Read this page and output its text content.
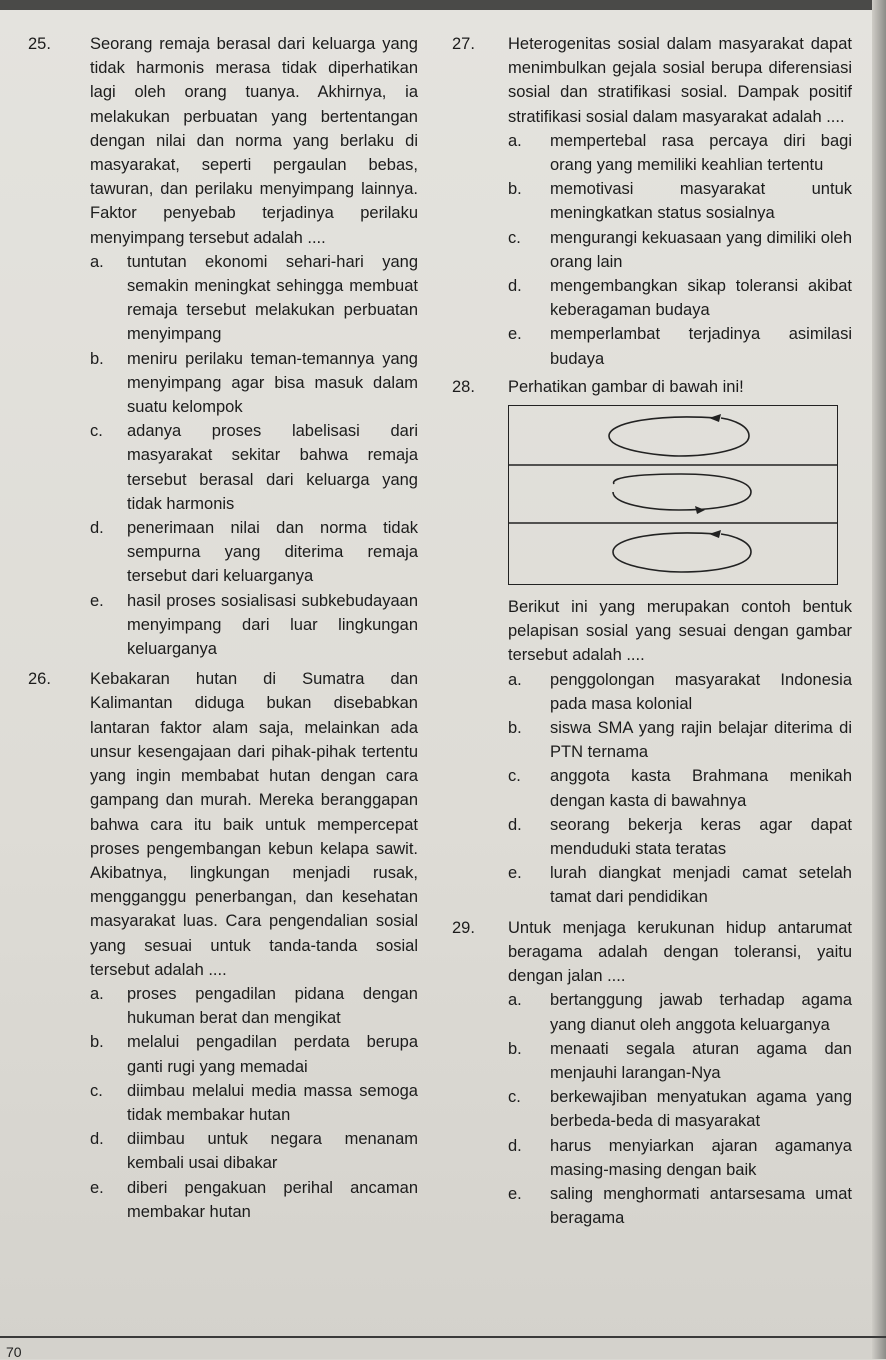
25. Seorang remaja berasal dari keluarga yang tidak harmonis merasa tidak diperhatikan lagi oleh orang tuanya. Akhirnya, ia melakukan perbuatan yang bertentangan dengan nilai dan norma yang berlaku di masyarakat, seperti pergaulan bebas, tawuran, dan perilaku menyimpang lainnya. Faktor penyebab terjadinya perilaku menyimpang tersebut adalah ....
a. tuntutan ekonomi sehari-hari yang semakin meningkat sehingga membuat remaja tersebut melakukan perbuatan menyimpang
b. meniru perilaku teman-temannya yang menyimpang agar bisa masuk dalam suatu kelompok
c. adanya proses labelisasi dari masyarakat sekitar bahwa remaja tersebut berasal dari keluarga yang tidak harmonis
d. penerimaan nilai dan norma tidak sempurna yang diterima remaja tersebut dari keluarganya
e. hasil proses sosialisasi subkebudayaan menyimpang dari luar lingkungan keluarganya
26. Kebakaran hutan di Sumatra dan Kalimantan diduga bukan disebabkan lantaran faktor alam saja, melainkan ada unsur kesengajaan dari pihak-pihak tertentu yang ingin membabat hutan dengan cara gampang dan murah. Mereka beranggapan bahwa cara itu baik untuk mempercepat proses pengembangan kebun kelapa sawit. Akibatnya, lingkungan menjadi rusak, mengganggu penerbangan, dan kesehatan masyarakat luas. Cara pengendalian sosial yang sesuai untuk tanda-tanda sosial tersebut adalah ....
a. proses pengadilan pidana dengan hukuman berat dan mengikat
b. melalui pengadilan perdata berupa ganti rugi yang memadai
c. diimbau melalui media massa semoga tidak membakar hutan
d. diimbau untuk negara menanam kembali usai dibakar
e. diberi pengakuan perihal ancaman membakar hutan
27. Heterogenitas sosial dalam masyarakat dapat menimbulkan gejala sosial berupa diferensiasi sosial dan stratifikasi sosial. Dampak positif stratifikasi sosial dalam masyarakat adalah ....
a. mempertebal rasa percaya diri bagi orang yang memiliki keahlian tertentu
b. memotivasi masyarakat untuk meningkatkan status sosialnya
c. mengurangi kekuasaan yang dimiliki oleh orang lain
d. mengembangkan sikap toleransi akibat keberagaman budaya
e. memperlambat terjadinya asimilasi budaya
28. Perhatikan gambar di bawah ini!
Berikut ini yang merupakan contoh bentuk pelapisan sosial yang sesuai dengan gambar tersebut adalah ....
a. penggolongan masyarakat Indonesia pada masa kolonial
b. siswa SMA yang rajin belajar diterima di PTN ternama
c. anggota kasta Brahmana menikah dengan kasta di bawahnya
d. seorang bekerja keras agar dapat menduduki stata teratas
e. lurah diangkat menjadi camat setelah tamat dari pendidikan
29. Untuk menjaga kerukunan hidup antarumat beragama adalah dengan toleransi, yaitu dengan jalan ....
a. bertanggung jawab terhadap agama yang dianut oleh anggota keluarganya
b. menaati segala aturan agama dan menjauhi larangan-Nya
c. berkewajiban menyatukan agama yang berbeda-beda di masyarakat
d. harus menyiarkan ajaran agamanya masing-masing dengan baik
e. saling menghormati antarsesama umat beragama
70
